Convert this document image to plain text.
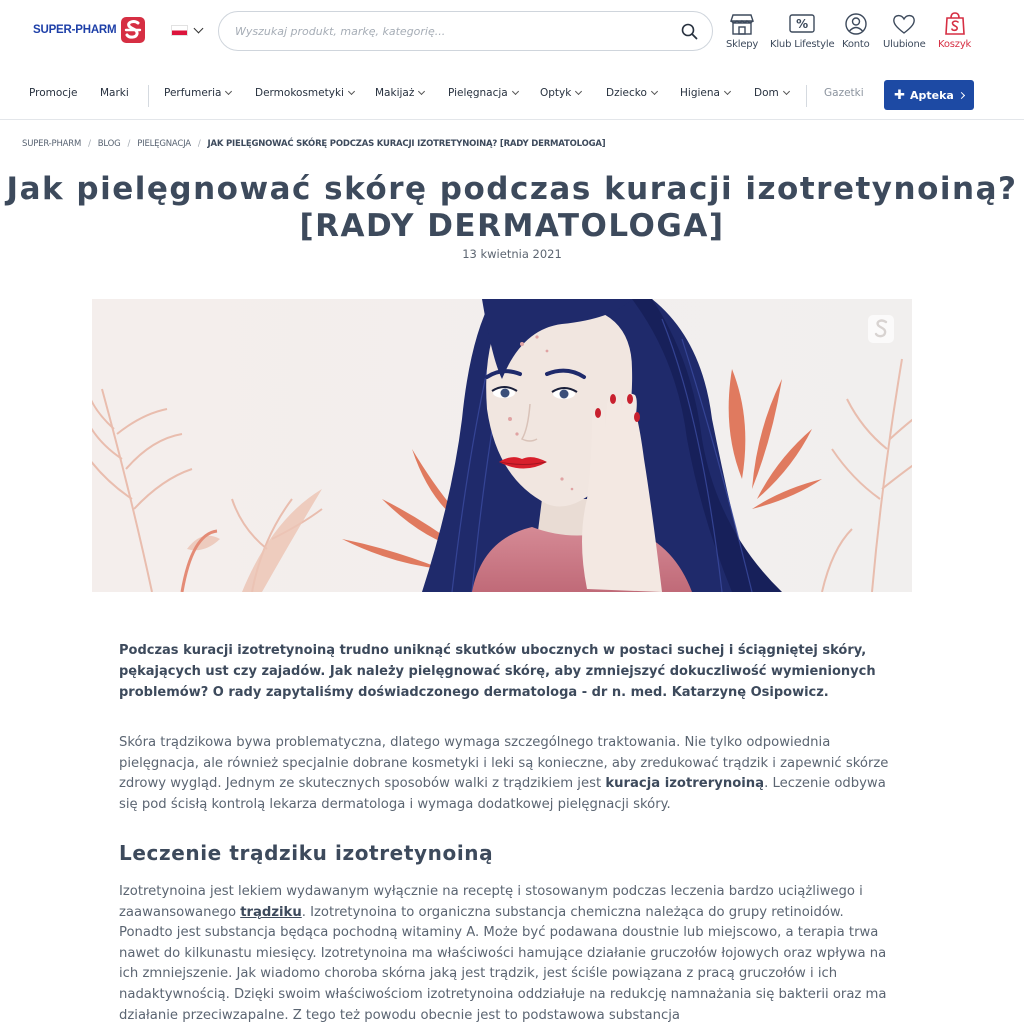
SUPER-PHARM
Wyszukaj produkt, markę, kategorię...
Sklepy
%
Klub Lifestyle Konto Ulubione Koszyk
Promocje Marki	Perfumeria	Dermokosmetyki	Makijaż	Pielęgnacja	Optyk	Dziecko	Higiena	Dom	Gazetki ✚ Apteka
SUPER-PHARM / BLOG / PIELĘGNACJA / JAK PIELĘGNOWAĆ SKÓRĘ PODCZAS KURACJI IZOTRETYNOINĄ? [RADY DERMATOLOGA]
Jak pielęgnować skórę podczas kuracji izotretynoiną?
[RADY DERMATOLOGA]
13 kwietnia 2021

Podczas kuracji izotretynoiną trudno uniknąć skutków ubocznych w postaci suchej i ściągniętej skóry, pękających ust czy zajadów. Jak należy pielęgnować skórę, aby zmniejszyć dokuczliwość wymienionych problemów? O rady zapytaliśmy doświadczonego dermatologa - dr n. med. Katarzynę Osipowicz.

Skóra trądzikowa bywa problematyczna, dlatego wymaga szczególnego traktowania. Nie tylko odpowiednia pielęgnacja, ale również specjalnie dobrane kosmetyki i leki są konieczne, aby zredukować trądzik i zapewnić skórze zdrowy wygląd. Jednym ze skutecznych sposobów walki z trądzikiem jest kuracja izotrerynoiną. Leczenie odbywa się pod ścisłą kontrolą lekarza dermatologa i wymaga dodatkowej pielęgnacji skóry.

Leczenie trądziku izotretynoiną

Izotretynoina jest lekiem wydawanym wyłącznie na receptę i stosowanym podczas leczenia bardzo uciążliwego i zaawansowanego trądziku. Izotretynoina to organiczna substancja chemiczna należąca do grupy retinoidów. Ponadto jest substancja będąca pochodną witaminy A. Może być podawana doustnie lub miejscowo, a terapia trwa nawet do kilkunastu miesięcy. Izotretynoina ma właściwości hamujące działanie gruczołów łojowych oraz wpływa na ich zmniejszenie. Jak wiadomo choroba skórna jaką jest trądzik, jest ściśle powiązana z pracą gruczołów i ich nadaktywnością. Dzięki swoim właściwościom izotretynoina oddziałuje na redukcję namnażania się bakterii oraz ma działanie przeciwzapalne. Z tego też powodu obecnie jest to podstawowa substancja
